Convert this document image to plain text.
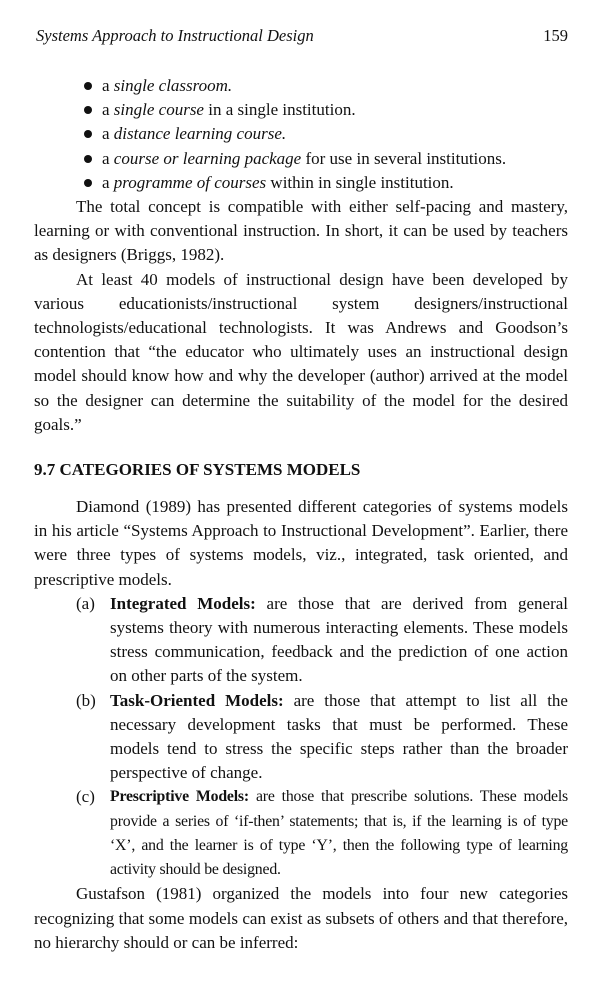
Systems Approach to Instructional Design	159
a single classroom.
a single course in a single institution.
a distance learning course.
a course or learning package for use in several institutions.
a programme of courses within in single institution.

The total concept is compatible with either self-pacing and mastery, learning or with conventional instruction. In short, it can be used by teachers as designers (Briggs, 1982).

At least 40 models of instructional design have been developed by various educationists/instructional system designers/instructional technologists/educational technologists. It was Andrews and Goodson’s contention that “the educator who ultimately uses an instructional design model should know how and why the developer (author) arrived at the model so the designer can determine the suitability of the model for the desired goals.”

9.7 CATEGORIES OF SYSTEMS MODELS

Diamond (1989) has presented different categories of systems models in his article “Systems Approach to Instructional Development”. Earlier, there were three types of systems models, viz., integrated, task oriented, and prescriptive models.

(a) Integrated Models: are those that are derived from general systems theory with numerous interacting elements. These models stress communication, feedback and the prediction of one action on other parts of the system.
(b) Task-Oriented Models: are those that attempt to list all the necessary development tasks that must be performed. These models tend to stress the specific steps rather than the broader perspective of change.
(c) Prescriptive Models: are those that prescribe solutions. These models provide a series of ‘if-then’ statements; that is, if the learning is of type ‘X’, and the learner is of type ‘Y’, then the following type of learning activity should be designed.

Gustafson (1981) organized the models into four new categories recognizing that some models can exist as subsets of others and that therefore, no hierarchy should or can be inferred:
